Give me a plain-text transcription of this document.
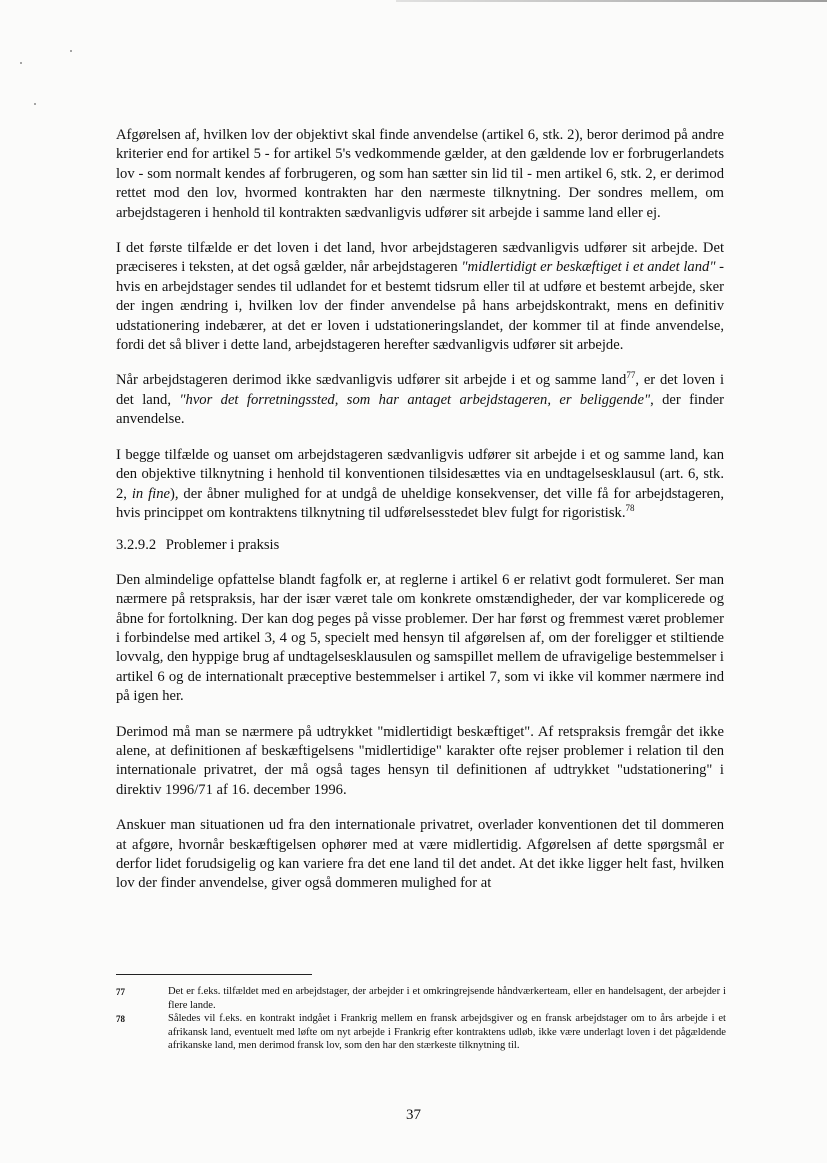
Afgørelsen af, hvilken lov der objektivt skal finde anvendelse (artikel 6, stk. 2), beror derimod på andre kriterier end for artikel 5 - for artikel 5's vedkommende gælder, at den gældende lov er forbrugerlandets lov - som normalt kendes af forbrugeren, og som han sætter sin lid til - men artikel 6, stk. 2, er derimod rettet mod den lov, hvormed kontrakten har den nærmeste tilknytning. Der sondres mellem, om arbejdstageren i henhold til kontrakten sædvanligvis udfører sit arbejde i samme land eller ej.

I det første tilfælde er det loven i det land, hvor arbejdstageren sædvanligvis udfører sit arbejde. Det præciseres i teksten, at det også gælder, når arbejdstageren "midlertidigt er beskæftiget i et andet land" - hvis en arbejdstager sendes til udlandet for et bestemt tidsrum eller til at udføre et bestemt arbejde, sker der ingen ændring i, hvilken lov der finder anvendelse på hans arbejdskontrakt, mens en definitiv udstationering indebærer, at det er loven i udstationeringslandet, der kommer til at finde anvendelse, fordi det så bliver i dette land, arbejdstageren herefter sædvanligvis udfører sit arbejde.

Når arbejdstageren derimod ikke sædvanligvis udfører sit arbejde i et og samme land$^{77}$, er det loven i det land, "hvor det forretningssted, som har antaget arbejdstageren, er beliggende", der finder anvendelse.

I begge tilfælde og uanset om arbejdstageren sædvanligvis udfører sit arbejde i et og samme land, kan den objektive tilknytning i henhold til konventionen tilsidesættes via en undtagelsesklausul (art. 6, stk. 2, in fine), der åbner mulighed for at undgå de uheldige konsekvenser, det ville få for arbejdstageren, hvis princippet om kontraktens tilknytning til udførelsesstedet blev fulgt for rigoristisk.$^{78}$

3.2.9.2 Problemer i praksis

Den almindelige opfattelse blandt fagfolk er, at reglerne i artikel 6 er relativt godt formuleret. Ser man nærmere på retspraksis, har der især været tale om konkrete omstændigheder, der var komplicerede og åbne for fortolkning. Der kan dog peges på visse problemer. Der har først og fremmest været problemer i forbindelse med artikel 3, 4 og 5, specielt med hensyn til afgørelsen af, om der foreligger et stiltiende lovvalg, den hyppige brug af undtagelsesklausulen og samspillet mellem de ufravigelige bestemmelser i artikel 6 og de internationalt præceptive bestemmelser i artikel 7, som vi ikke vil kommer nærmere ind på igen her.

Derimod må man se nærmere på udtrykket "midlertidigt beskæftiget". Af retspraksis fremgår det ikke alene, at definitionen af beskæftigelsens "midlertidige" karakter ofte rejser problemer i relation til den internationale privatret, der må også tages hensyn til definitionen af udtrykket "udstationering" i direktiv 1996/71 af 16. december 1996.

Anskuer man situationen ud fra den internationale privatret, overlader konventionen det til dommeren at afgøre, hvornår beskæftigelsen ophører med at være midlertidig. Afgørelsen af dette spørgsmål er derfor lidet forudsigelig og kan variere fra det ene land til det andet. At det ikke ligger helt fast, hvilken lov der finder anvendelse, giver også dommeren mulighed for at

77	Det er f.eks. tilfældet med en arbejdstager, der arbejder i et omkringrejsende håndværkerteam, eller en handelsagent, der arbejder i flere lande.
78	Således vil f.eks. en kontrakt indgået i Frankrig mellem en fransk arbejdsgiver og en fransk arbejdstager om to års arbejde i et afrikansk land, eventuelt med løfte om nyt arbejde i Frankrig efter kontraktens udløb, ikke være underlagt loven i det pågældende afrikanske land, men derimod fransk lov, som den har den stærkeste tilknytning til.
37
